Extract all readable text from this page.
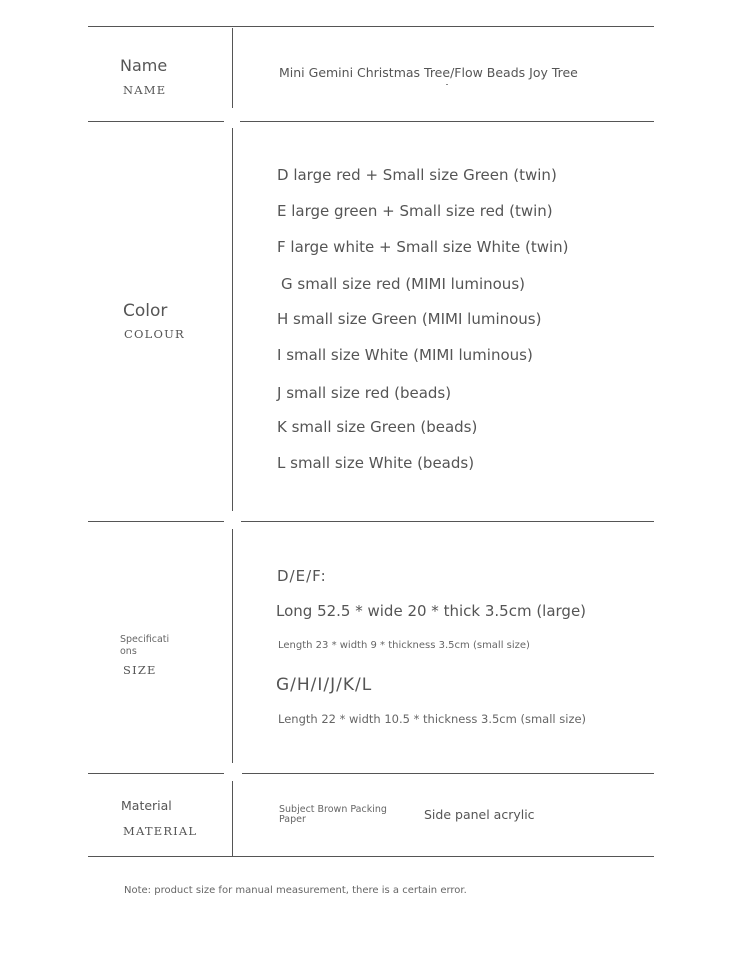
Name
NAME
Mini Gemini Christmas Tree/Flow Beads Joy Tree
Color
COLOUR
D large red + Small size Green (twin)
E large green + Small size red (twin)
F large white + Small size White (twin)
G small size red (MIMI luminous)
H small size Green (MIMI luminous)
I small size White (MIMI luminous)
J small size red (beads)
K small size Green (beads)
L small size White (beads)
Specificati
ons
SIZE
D/E/F:
Long 52.5 * wide 20 * thick 3.5cm (large)
Length 23 * width 9 * thickness 3.5cm (small size)
G/H/I/J/K/L
Length 22 * width 10.5 * thickness 3.5cm (small size)
Material
MATERIAL
Subject Brown Packing
Paper	Side panel acrylic
Note: product size for manual measurement, there is a certain error.
